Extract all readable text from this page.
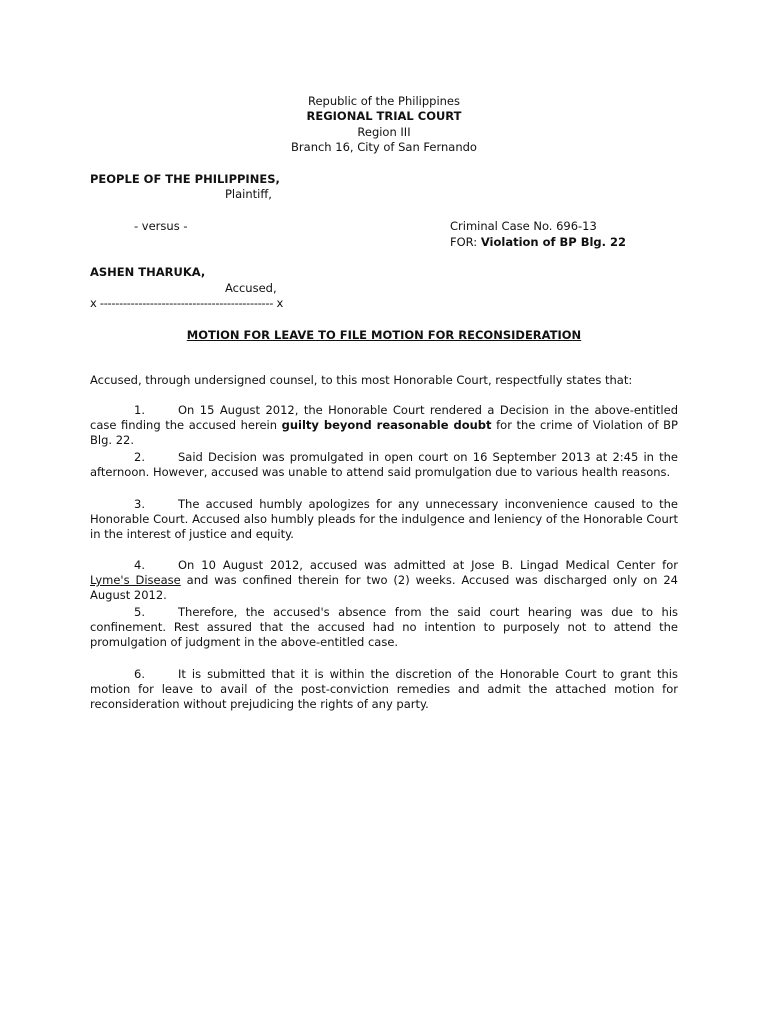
Republic of the Philippines
REGIONAL TRIAL COURT
Region III
Branch 16, City of San Fernando
PEOPLE OF THE PHILIPPINES,
Plaintiff,
- versus -	Criminal Case No. 696-13
FOR: Violation of BP Blg. 22
ASHEN THARUKA,
Accused,
x --------------------------------------------- x
MOTION FOR LEAVE TO FILE MOTION FOR RECONSIDERATION
Accused, through undersigned counsel, to this most Honorable Court, respectfully states that:
1.	On 15 August 2012, the Honorable Court rendered a Decision in the above-entitled case finding the accused herein guilty beyond reasonable doubt for the crime of Violation of BP Blg. 22.
2.	Said Decision was promulgated in open court on 16 September 2013 at 2:45 in the afternoon. However, accused was unable to attend said promulgation due to various health reasons.
3.	The accused humbly apologizes for any unnecessary inconvenience caused to the Honorable Court. Accused also humbly pleads for the indulgence and leniency of the Honorable Court in the interest of justice and equity.
4.	On 10 August 2012, accused was admitted at Jose B. Lingad Medical Center for Lyme's Disease and was confined therein for two (2) weeks. Accused was discharged only on 24 August 2012.
5.	Therefore, the accused's absence from the said court hearing was due to his confinement. Rest assured that the accused had no intention to purposely not to attend the promulgation of judgment in the above-entitled case.
6.	It is submitted that it is within the discretion of the Honorable Court to grant this motion for leave to avail of the post-conviction remedies and admit the attached motion for reconsideration without prejudicing the rights of any party.
